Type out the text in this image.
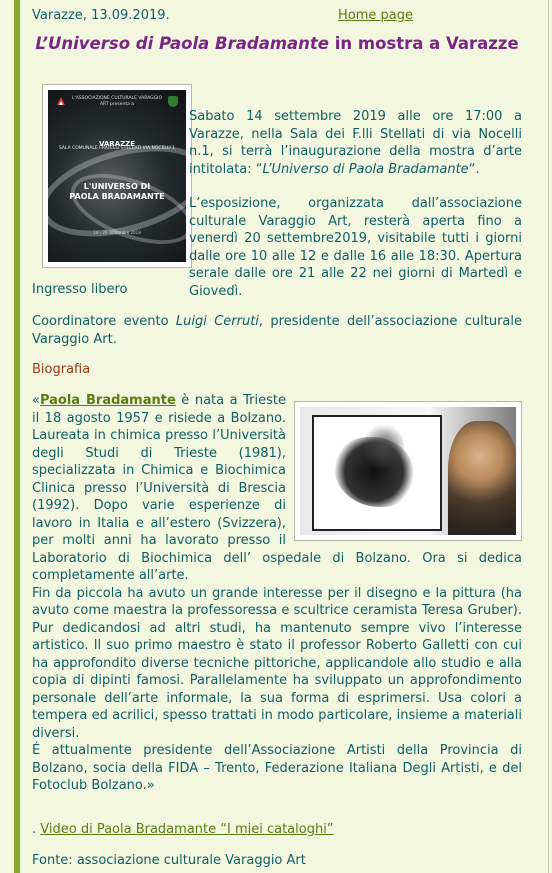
Varazze, 13.09.2019.	Home page
L’Universo di Paola Bradamante in mostra a Varazze
L'ASSOCIAZIONE CULTURALE VARAGGIO ART presenta a
VARAZZE
SALA COMUNALE FRATELLI STELLATI VIA NOCELLI 1
L'UNIVERSO DI
PAOLA BRADAMANTE
14 - 20 settembre 2019

Sabato 14 settembre 2019 alle ore 17:00 a Varazze, nella Sala dei F.lli Stellati di via Nocelli n.1, si terrà l’inaugurazione della mostra d’arte intitolata: “L’Universo di Paola Bradamante“.

L’esposizione, organizzata dall’associazione culturale Varaggio Art, resterà aperta fino a venerdì 20 settembre2019, visitabile tutti i giorni dalle ore 10 alle 12 e dalle 16 alle 18:30. Apertura serale dalle ore 21 alle 22 nei giorni di Martedì e Giovedì.

Ingresso libero
Coordinatore evento Luigi Cerruti, presidente dell’associazione culturale Varaggio Art.
Biografia
«Paola Bradamante è nata a Trieste il 18 agosto 1957 e risiede a Bolzano. Laureata in chimica presso l’Università degli Studi di Trieste (1981), specializzata in Chimica e Biochimica Clinica presso l’Università di Brescia (1992). Dopo varie esperienze di lavoro in Italia e all’estero (Svizzera), per molti anni ha lavorato presso il Laboratorio di Biochimica dell’ ospedale di Bolzano. Ora si dedica completamente all’arte.
Fin da piccola ha avuto un grande interesse per il disegno e la pittura (ha avuto come maestra la professoressa e scultrice ceramista Teresa Gruber). Pur dedicandosi ad altri studi, ha mantenuto sempre vivo l’interesse artistico. Il suo primo maestro è stato il professor Roberto Galletti con cui ha approfondito diverse tecniche pittoriche, applicandole allo studio e alla copia di dipinti famosi. Parallelamente ha sviluppato un approfondimento personale dell’arte informale, la sua forma di esprimersi. Usa colori a tempera ed acrilici, spesso trattati in modo particolare, insieme a materiali diversi.
É attualmente presidente dell’Associazione Artisti della Provincia di Bolzano, socia della FIDA – Trento, Federazione Italiana Degli Artisti, e del Fotoclub Bolzano.»
. Video di Paola Bradamante “I miei cataloghi”
Fonte: associazione culturale Varaggio Art
